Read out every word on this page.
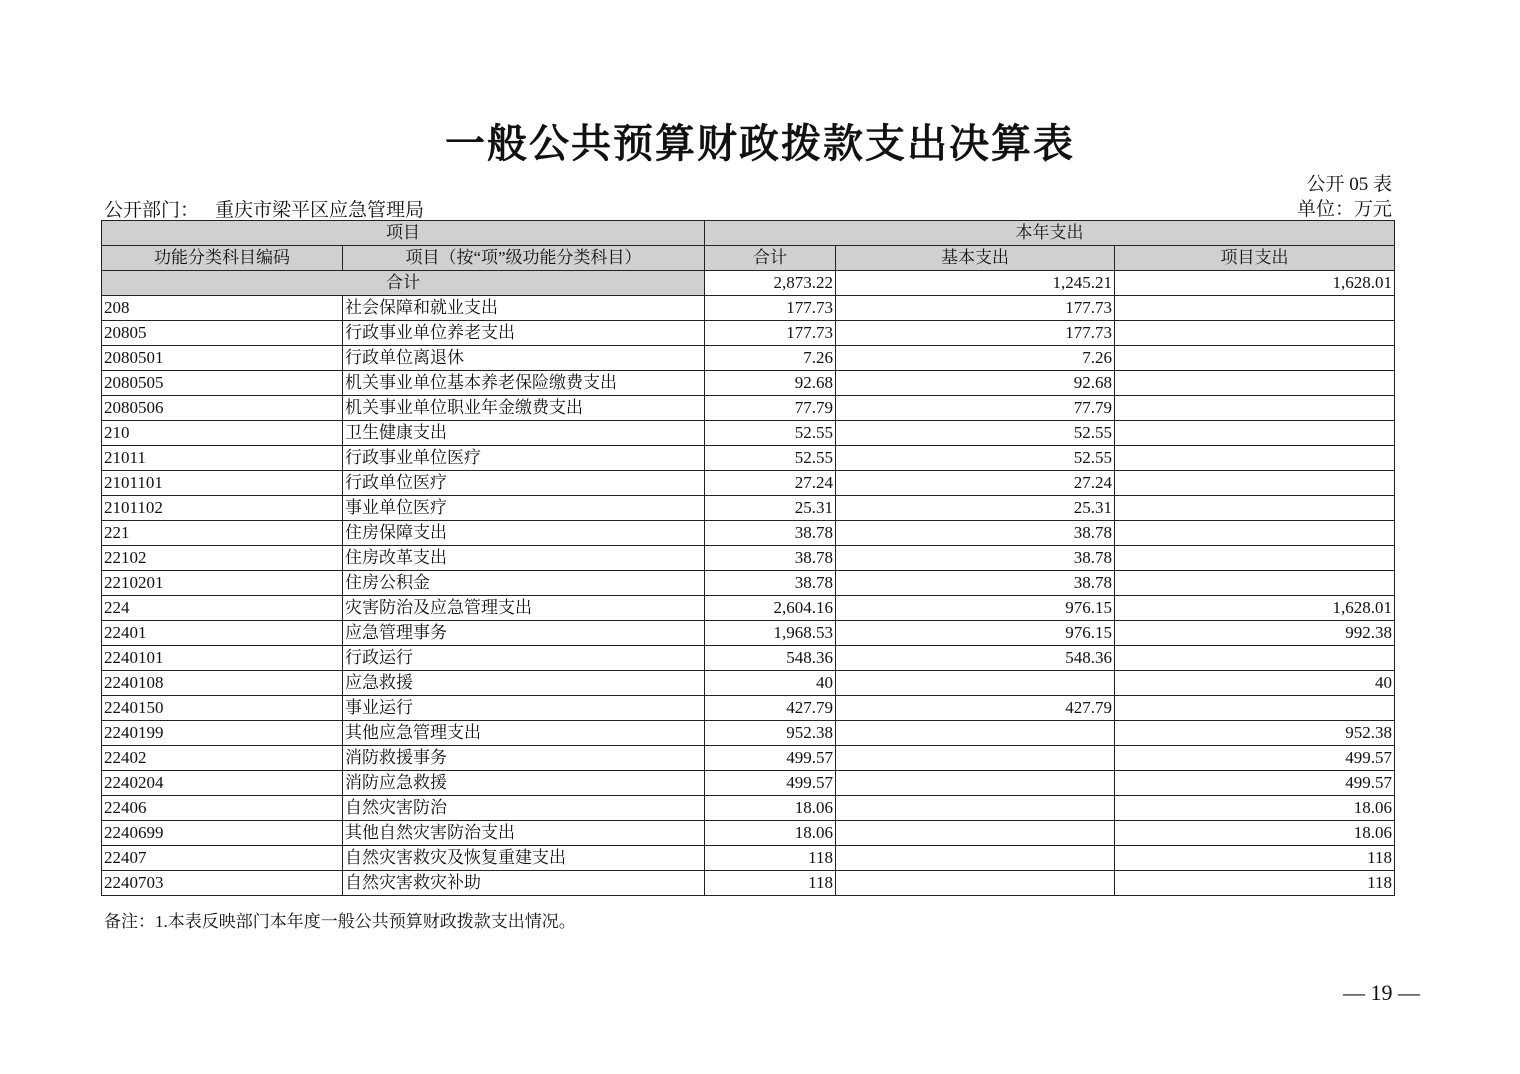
一般公共预算财政拨款支出决算表
公开 05 表
公开部门： 重庆市梁平区应急管理局	单位：万元
项目		本年支出		
功能分类科目编码	项目（按“项”级功能分类科目）	合计	基本支出	项目支出
合计		2,873.22	1,245.21	1,628.01
208	社会保障和就业支出	177.73	177.73	
20805	行政事业单位养老支出	177.73	177.73	
2080501	行政单位离退休	7.26	7.26	
2080505	机关事业单位基本养老保险缴费支出	92.68	92.68	
2080506	机关事业单位职业年金缴费支出	77.79	77.79	
210	卫生健康支出	52.55	52.55	
21011	行政事业单位医疗	52.55	52.55	
2101101	行政单位医疗	27.24	27.24	
2101102	事业单位医疗	25.31	25.31	
221	住房保障支出	38.78	38.78	
22102	住房改革支出	38.78	38.78	
2210201	住房公积金	38.78	38.78	
224	灾害防治及应急管理支出	2,604.16	976.15	1,628.01
22401	应急管理事务	1,968.53	976.15	992.38
2240101	行政运行	548.36	548.36	
2240108	应急救援	40		40
2240150	事业运行	427.79	427.79	
2240199	其他应急管理支出	952.38		952.38
22402	消防救援事务	499.57		499.57
2240204	消防应急救援	499.57		499.57
22406	自然灾害防治	18.06		18.06
2240699	其他自然灾害防治支出	18.06		18.06
22407	自然灾害救灾及恢复重建支出	118		118
2240703	自然灾害救灾补助	118		118
备注：1.本表反映部门本年度一般公共预算财政拨款支出情况。
— 19 —
